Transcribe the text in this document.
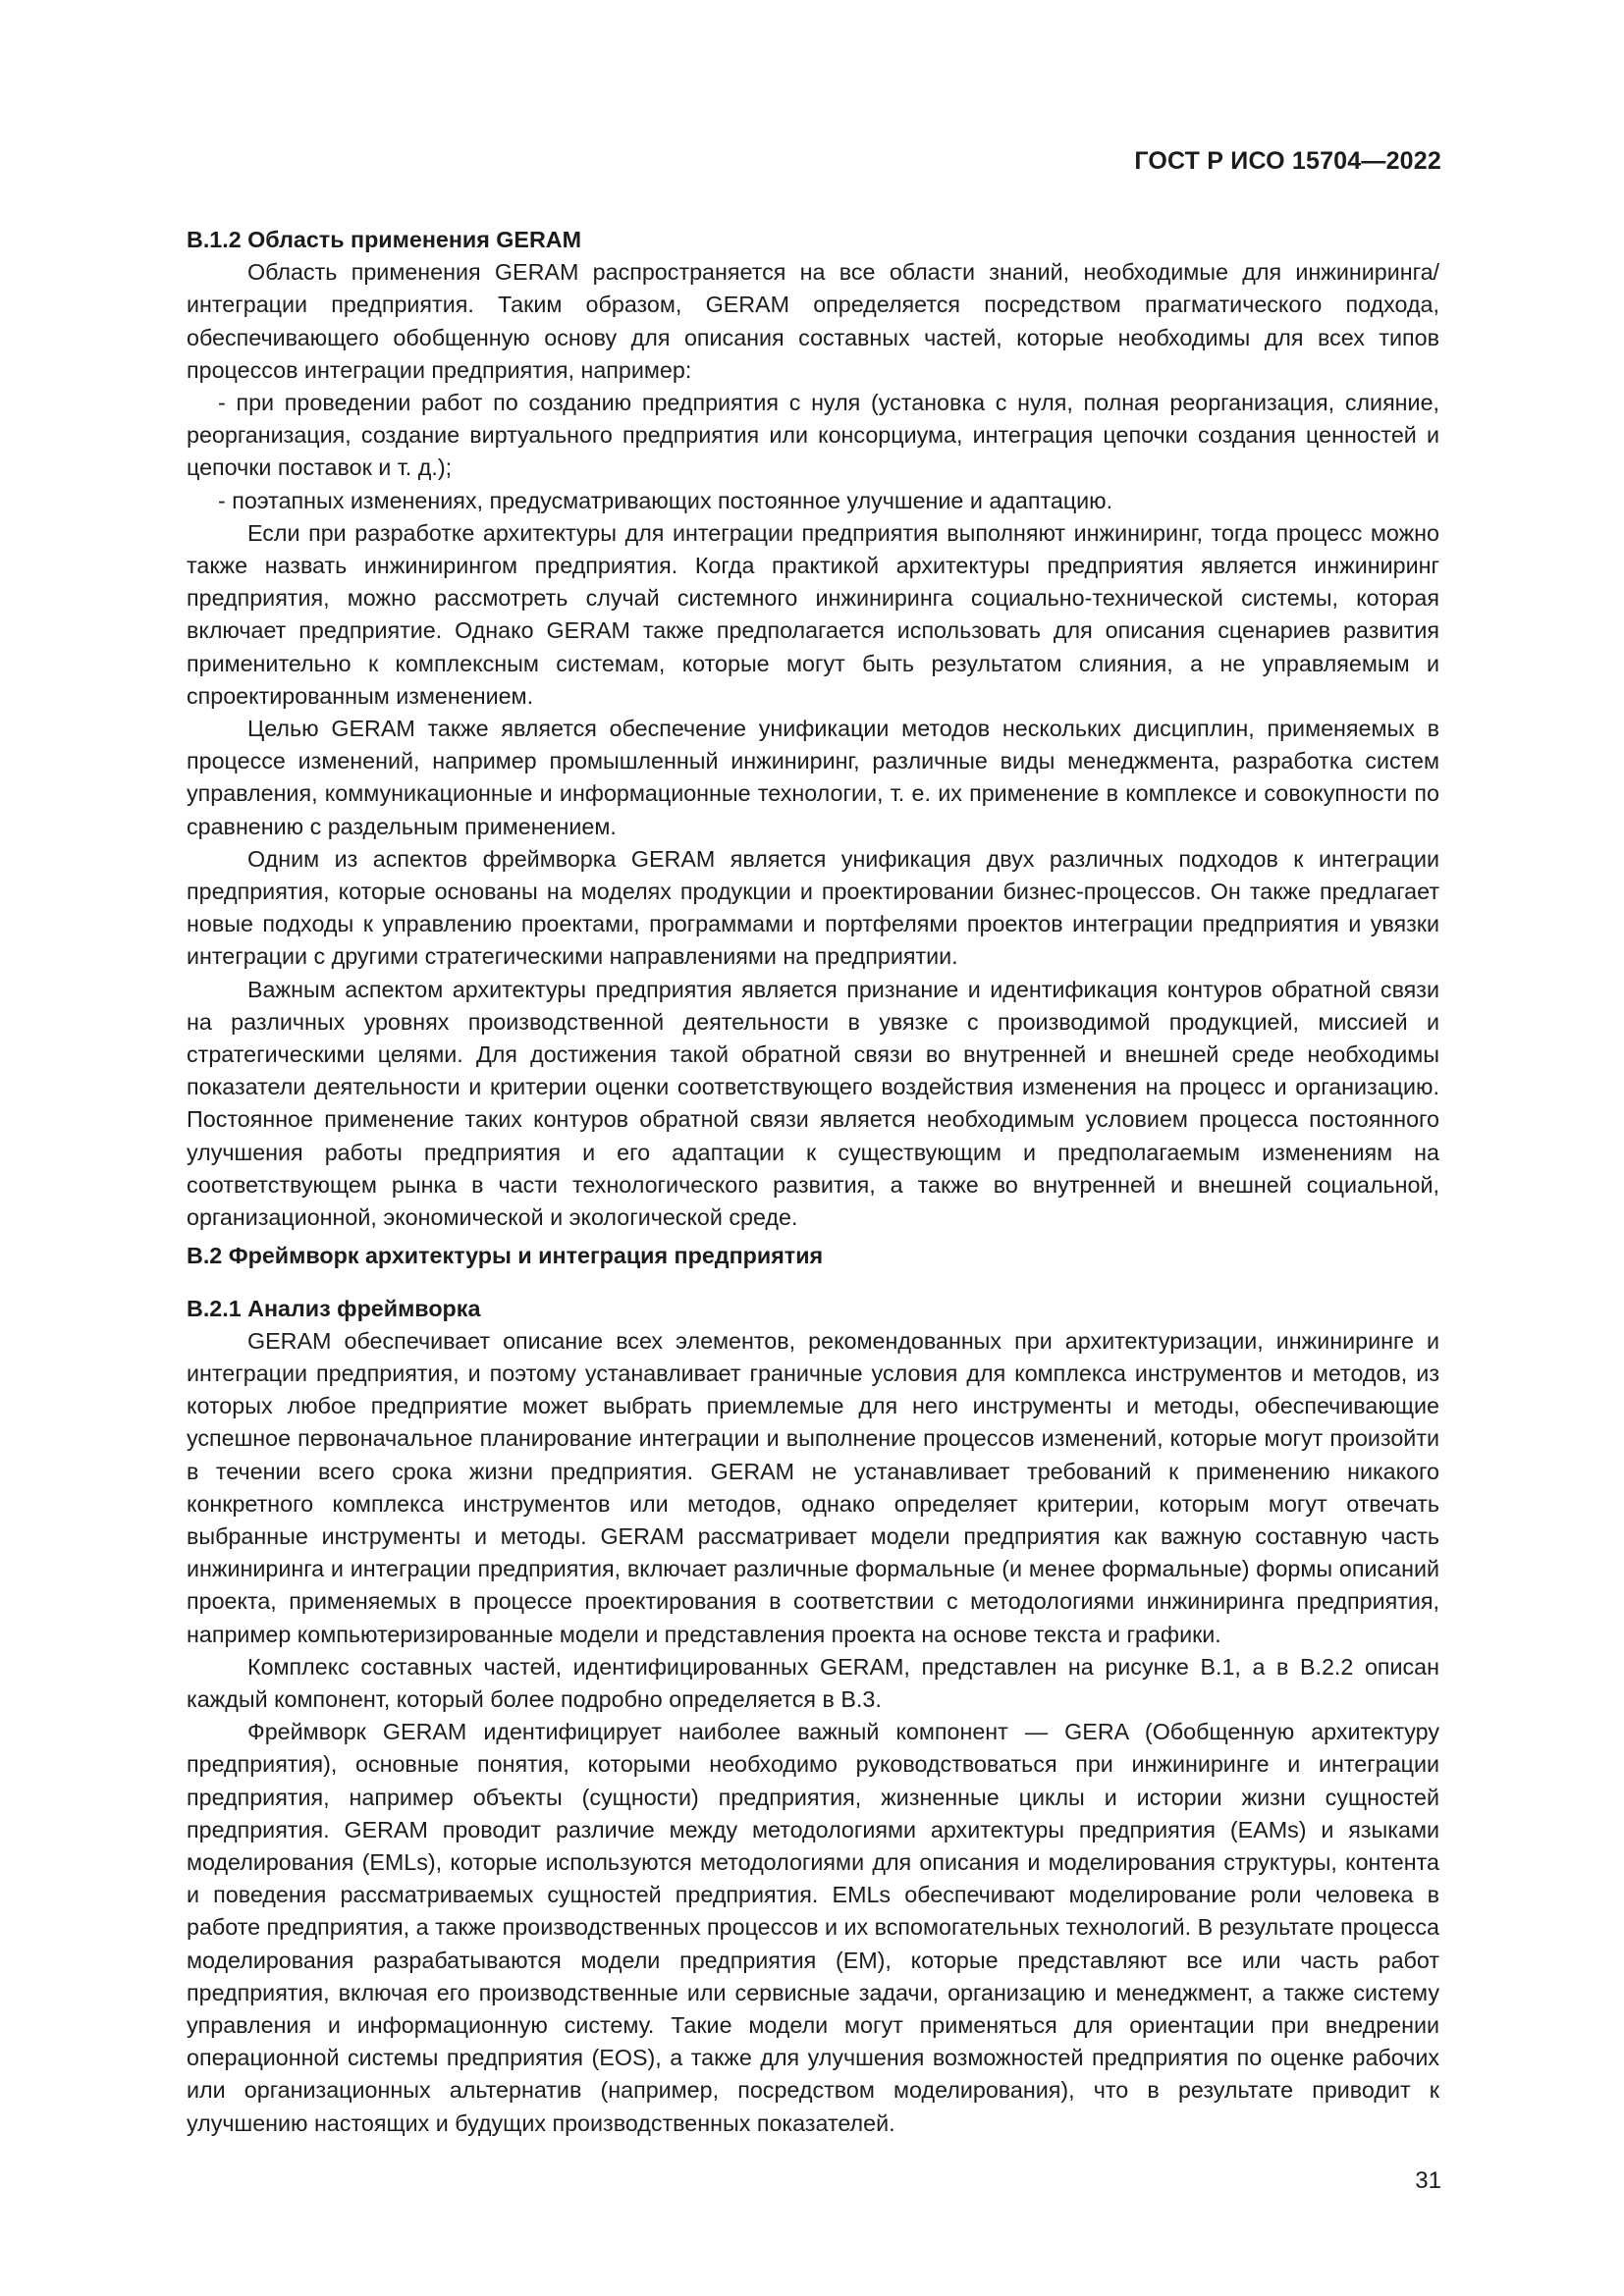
ГОСТ Р ИСО 15704—2022
В.1.2 Область применения GERAM

Область применения GERAM распространяется на все области знаний, необходимые для инжиниринга/интеграции предприятия. Таким образом, GERAM определяется посредством прагматического подхода, обеспечивающего обобщенную основу для описания составных частей, которые необходимы для всех типов процессов интеграции предприятия, например:

- при проведении работ по созданию предприятия с нуля (установка с нуля, полная реорганизация, слияние, реорганизация, создание виртуального предприятия или консорциума, интеграция цепочки создания ценностей и цепочки поставок и т. д.);

- поэтапных изменениях, предусматривающих постоянное улучшение и адаптацию.

Если при разработке архитектуры для интеграции предприятия выполняют инжиниринг, тогда процесс можно также назвать инжинирингом предприятия. Когда практикой архитектуры предприятия является инжиниринг предприятия, можно рассмотреть случай системного инжиниринга социально-технической системы, которая включает предприятие. Однако GERAM также предполагается использовать для описания сценариев развития применительно к комплексным системам, которые могут быть результатом слияния, а не управляемым и спроектированным изменением.

Целью GERAM также является обеспечение унификации методов нескольких дисциплин, применяемых в процессе изменений, например промышленный инжиниринг, различные виды менеджмента, разработка систем управления, коммуникационные и информационные технологии, т. е. их применение в комплексе и совокупности по сравнению с раздельным применением.

Одним из аспектов фреймворка GERAM является унификация двух различных подходов к интеграции предприятия, которые основаны на моделях продукции и проектировании бизнес-процессов. Он также предлагает новые подходы к управлению проектами, программами и портфелями проектов интеграции предприятия и увязки интеграции с другими стратегическими направлениями на предприятии.

Важным аспектом архитектуры предприятия является признание и идентификация контуров обратной связи на различных уровнях производственной деятельности в увязке с производимой продукцией, миссией и стратегическими целями. Для достижения такой обратной связи во внутренней и внешней среде необходимы показатели деятельности и критерии оценки соответствующего воздействия изменения на процесс и организацию. Постоянное применение таких контуров обратной связи является необходимым условием процесса постоянного улучшения работы предприятия и его адаптации к существующим и предполагаемым изменениям на соответствующем рынка в части технологического развития, а также во внутренней и внешней социальной, организационной, экономической и экологической среде.

В.2 Фреймворк архитектуры и интеграция предприятия
В.2.1 Анализ фреймворка

GERAM обеспечивает описание всех элементов, рекомендованных при архитектуризации, инжиниринге и интеграции предприятия, и поэтому устанавливает граничные условия для комплекса инструментов и методов, из которых любое предприятие может выбрать приемлемые для него инструменты и методы, обеспечивающие успешное первоначальное планирование интеграции и выполнение процессов изменений, которые могут произойти в течении всего срока жизни предприятия. GERAM не устанавливает требований к применению никакого конкретного комплекса инструментов или методов, однако определяет критерии, которым могут отвечать выбранные инструменты и методы. GERAM рассматривает модели предприятия как важную составную часть инжиниринга и интеграции предприятия, включает различные формальные (и менее формальные) формы описаний проекта, применяемых в процессе проектирования в соответствии с методологиями инжиниринга предприятия, например компьютеризированные модели и представления проекта на основе текста и графики.

Комплекс составных частей, идентифицированных GERAM, представлен на рисунке В.1, а в В.2.2 описан каждый компонент, который более подробно определяется в В.3.

Фреймворк GERAM идентифицирует наиболее важный компонент — GERA (Обобщенную архитектуру предприятия), основные понятия, которыми необходимо руководствоваться при инжиниринге и интеграции предприятия, например объекты (сущности) предприятия, жизненные циклы и истории жизни сущностей предприятия. GERAM проводит различие между методологиями архитектуры предприятия (EAMs) и языками моделирования (EMLs), которые используются методологиями для описания и моделирования структуры, контента и поведения рассматриваемых сущностей предприятия. EMLs обеспечивают моделирование роли человека в работе предприятия, а также производственных процессов и их вспомогательных технологий. В результате процесса моделирования разрабатываются модели предприятия (EM), которые представляют все или часть работ предприятия, включая его производственные или сервисные задачи, организацию и менеджмент, а также систему управления и информационную систему. Такие модели могут применяться для ориентации при внедрении операционной системы предприятия (EOS), а также для улучшения возможностей предприятия по оценке рабочих или организационных альтернатив (например, посредством моделирования), что в результате приводит к улучшению настоящих и будущих производственных показателей.

31
